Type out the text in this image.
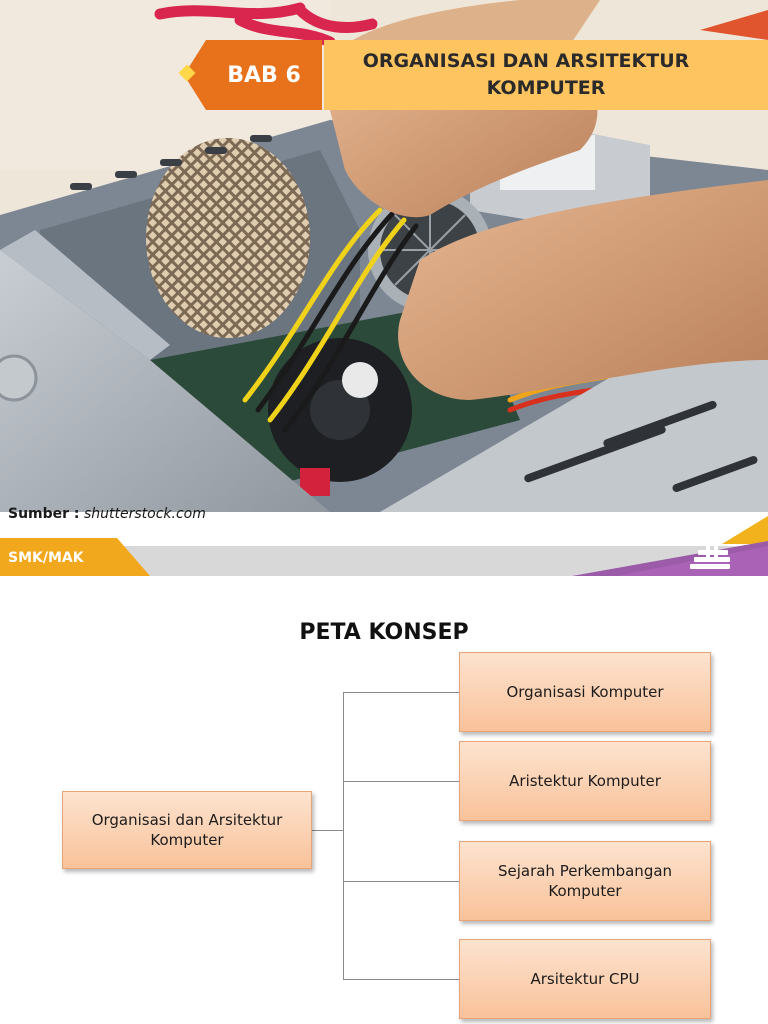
BAB 6
ORGANISASI DAN ARSITEKTUR
KOMPUTER
Sumber : shutterstock.com
SMK/MAK
PETA KONSEP
Organisasi dan Arsitektur Komputer
Organisasi Komputer
Aristektur Komputer
Sejarah Perkembangan Komputer
Arsitektur CPU
